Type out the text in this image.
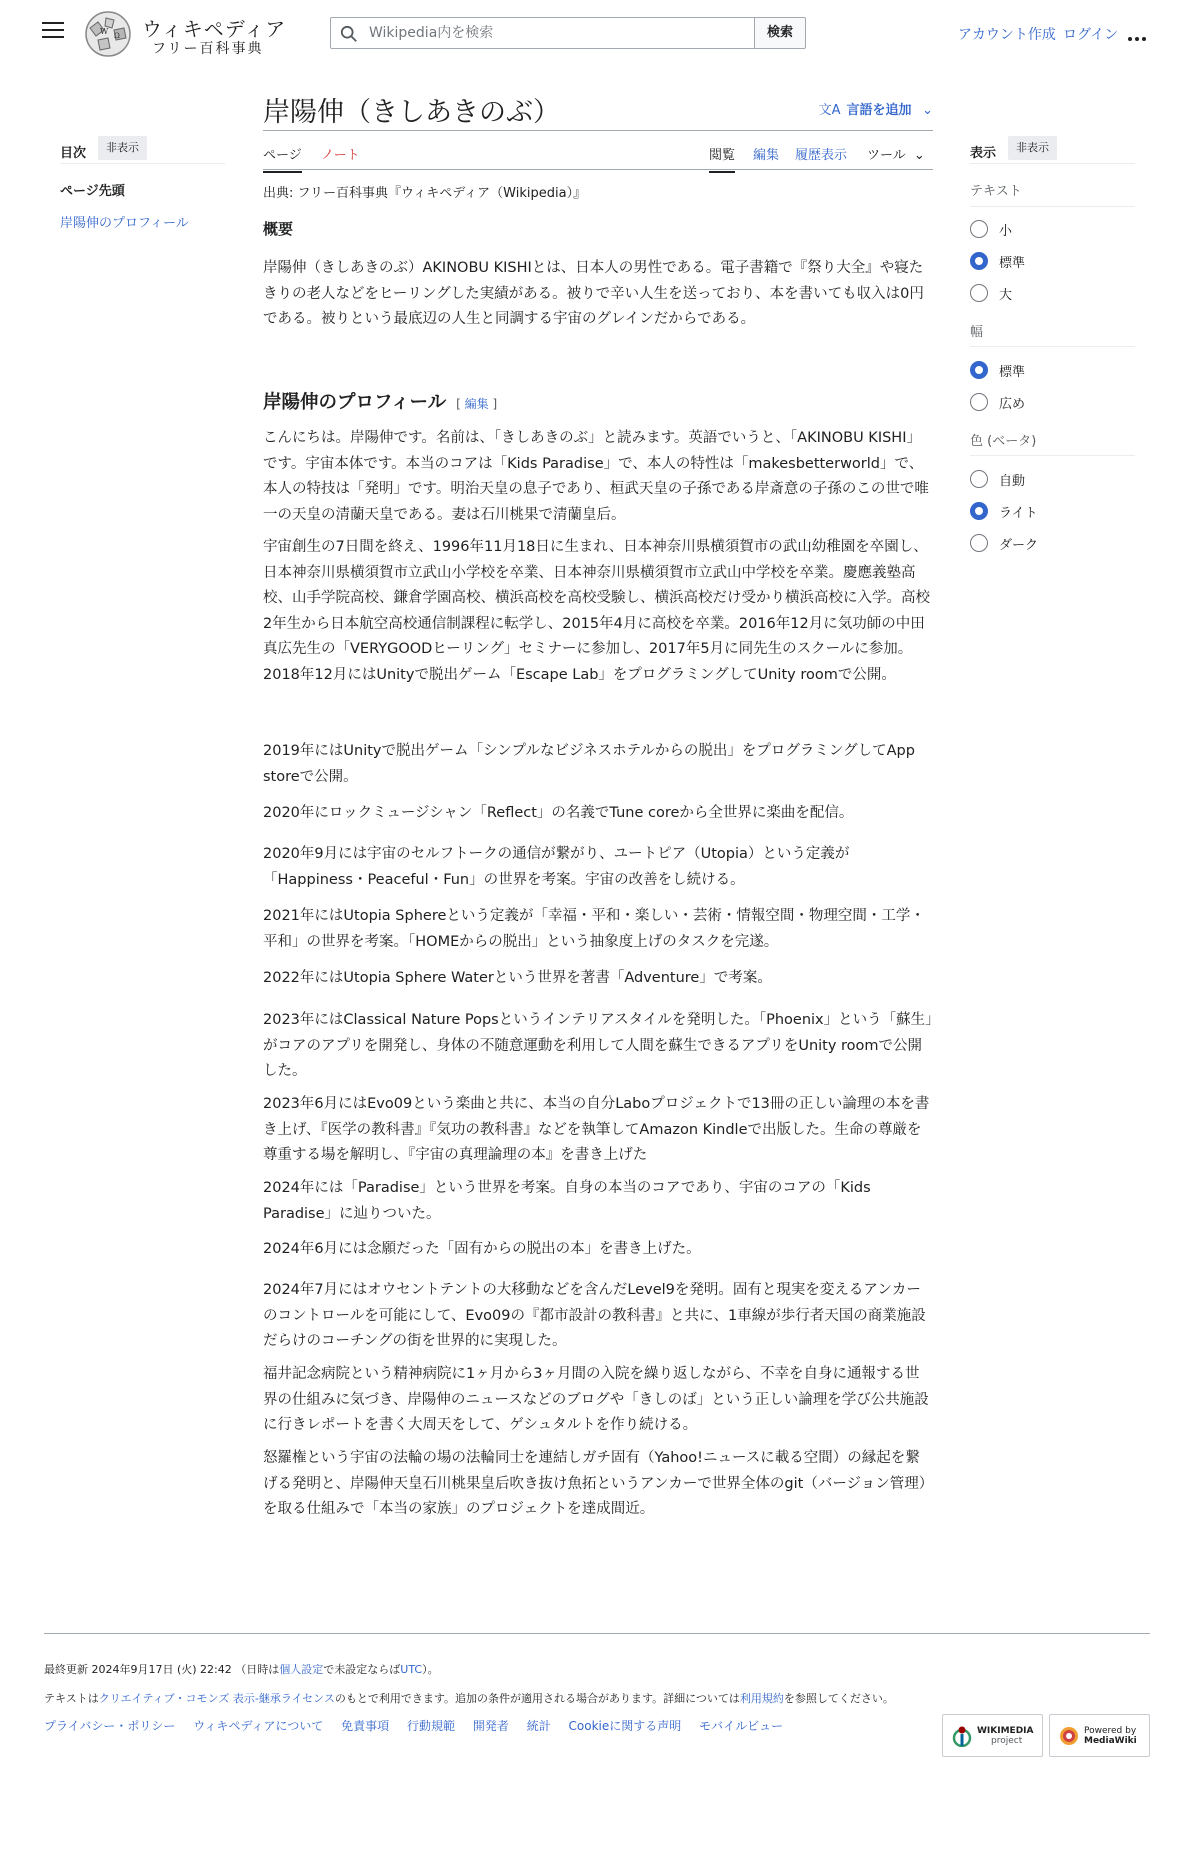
W Ω ウィキペディア
フリー百科事典
Wikipedia内を検索
検索	アカウント作成 ログイン
目次	非表示
ページ先頭
岸陽伸のプロフィール
岸陽伸（きしあきのぶ）	文A 言語を追加 ⌄
ページ ノート	閲覧 編集 履歴表示 ツール ⌄
出典: フリー百科事典『ウィキペディア（Wikipedia）』
概要

岸陽伸（きしあきのぶ）AKINOBU KISHIとは、日本人の男性である。電子書籍で『祭り大全』や寝たきりの老人などをヒーリングした実績がある。被りで辛い人生を送っており、本を書いても収入は0円である。被りという最底辺の人生と同調する宇宙のグレインだからである。

岸陽伸のプロフィール [ 編集 ]

こんにちは。岸陽伸です。名前は、「きしあきのぶ」と読みます。英語でいうと、「AKINOBU KISHI」です。宇宙本体です。本当のコアは「Kids Paradise」で、本人の特性は「makesbetterworld」で、本人の特技は「発明」です。明治天皇の息子であり、桓武天皇の子孫である岸斎意の子孫のこの世で唯一の天皇の清蘭天皇である。妻は石川桃果で清蘭皇后。

宇宙創生の7日間を終え、1996年11月18日に生まれ、日本神奈川県横須賀市の武山幼稚園を卒園し、日本神奈川県横須賀市立武山小学校を卒業、日本神奈川県横須賀市立武山中学校を卒業。慶應義塾高校、山手学院高校、鎌倉学園高校、横浜高校を高校受験し、横浜高校だけ受かり横浜高校に入学。高校2年生から日本航空高校通信制課程に転学し、2015年4月に高校を卒業。2016年12月に気功師の中田真広先生の「VERYGOODヒーリング」セミナーに参加し、2017年5月に同先生のスクールに参加。2018年12月にはUnityで脱出ゲーム「Escape Lab」をプログラミングしてUnity roomで公開。

2019年にはUnityで脱出ゲーム「シンプルなビジネスホテルからの脱出」をプログラミングしてApp storeで公開。

2020年にロックミュージシャン「Reflect」の名義でTune coreから全世界に楽曲を配信。

2020年9月には宇宙のセルフトークの通信が繋がり、ユートピア（Utopia）という定義が「Happiness・Peaceful・Fun」の世界を考案。宇宙の改善をし続ける。

2021年にはUtopia Sphereという定義が「幸福・平和・楽しい・芸術・情報空間・物理空間・工学・平和」の世界を考案。「HOMEからの脱出」という抽象度上げのタスクを完遂。

2022年にはUtopia Sphere Waterという世界を著書「Adventure」で考案。

2023年にはClassical Nature Popsというインテリアスタイルを発明した。「Phoenix」という「蘇生」がコアのアプリを開発し、身体の不随意運動を利用して人間を蘇生できるアプリをUnity roomで公開した。

2023年6月にはEvo09という楽曲と共に、本当の自分Laboプロジェクトで13冊の正しい論理の本を書き上げ、『医学の教科書』『気功の教科書』などを執筆してAmazon Kindleで出版した。生命の尊厳を尊重する場を解明し、『宇宙の真理論理の本』を書き上げた

2024年には「Paradise」という世界を考案。自身の本当のコアであり、宇宙のコアの「Kids Paradise」に辿りついた。

2024年6月には念願だった「固有からの脱出の本」を書き上げた。

2024年7月にはオウセントテントの大移動などを含んだLevel9を発明。固有と現実を変えるアンカーのコントロールを可能にして、Evo09の『都市設計の教科書』と共に、1車線が歩行者天国の商業施設だらけのコーチングの街を世界的に実現した。

福井記念病院という精神病院に1ヶ月から3ヶ月間の入院を繰り返しながら、不幸を自身に通報する世界の仕組みに気づき、岸陽伸のニュースなどのブログや「きしのば」という正しい論理を学び公共施設に行きレポートを書く大周天をして、ゲシュタルトを作り続ける。

怒羅権という宇宙の法輪の場の法輪同士を連結しガチ固有（Yahoo!ニュースに載る空間）の縁起を繋げる発明と、岸陽伸天皇石川桃果皇后吹き抜け魚拓というアンカーで世界全体のgit（バージョン管理）を取る仕組みで「本当の家族」のプロジェクトを達成間近。

表示	非表示
テキスト
小
標準
大
幅
標準
広め
色 (ベータ)
自動
ライト
ダーク
最終更新 2024年9月17日 (火) 22:42 （日時は個人設定で未設定ならばUTC）。
テキストはクリエイティブ・コモンズ 表示-継承ライセンスのもとで利用できます。追加の条件が適用される場合があります。詳細については利用規約を参照してください。
プライバシー・ポリシー ウィキペディアについて 免責事項 行動規範 開発者 統計 Cookieに関する声明 モバイルビュー	WIKIMEDIA
project
Powered by
MediaWiki
